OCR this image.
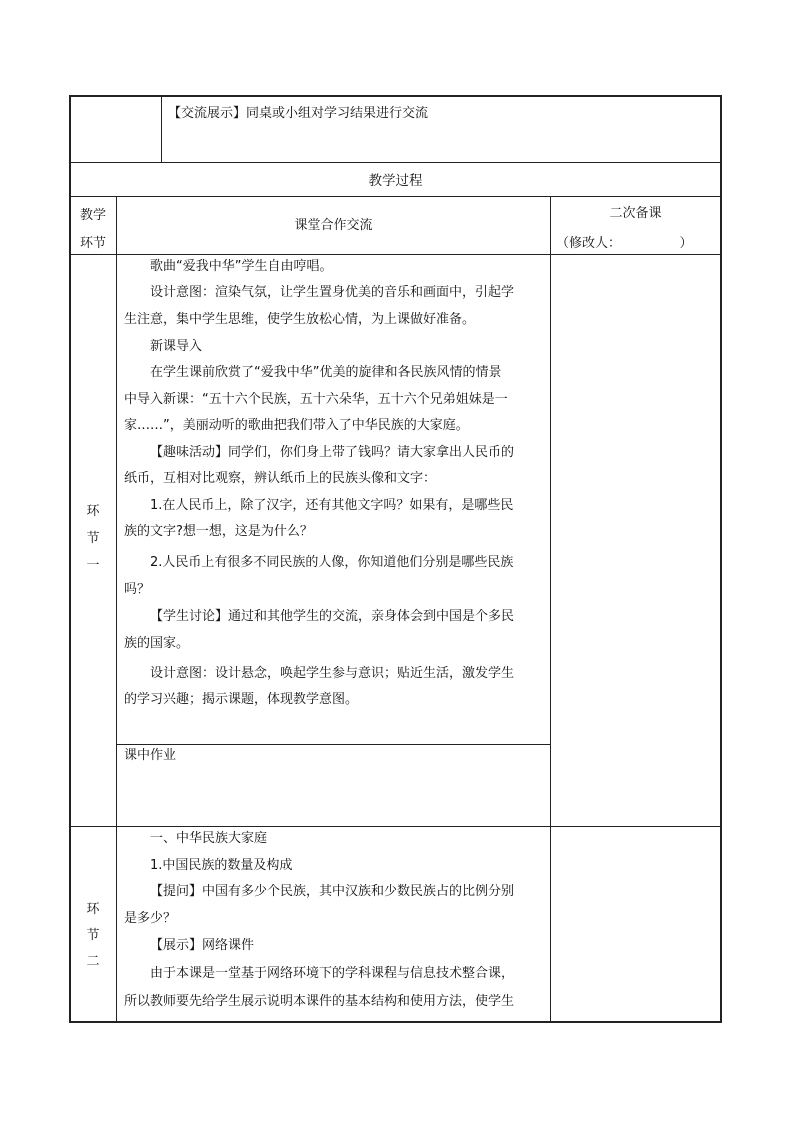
【交流展示】同桌或小组对学习结果进行交流
教学过程
教学
环节
课堂合作交流
二次备课
（修改人：　　　　　）
环
节
一
歌曲“爱我中华”学生自由哼唱。
设计意图：渲染气氛，让学生置身优美的音乐和画面中，引起学
生注意，集中学生思维，使学生放松心情，为上课做好准备。
新课导入
在学生课前欣赏了“爱我中华”优美的旋律和各民族风情的情景
中导入新课：“五十六个民族，五十六朵华，五十六个兄弟姐妹是一
家……”，美丽动听的歌曲把我们带入了中华民族的大家庭。
【趣味活动】同学们，你们身上带了钱吗？请大家拿出人民币的
纸币，互相对比观察，辨认纸币上的民族头像和文字：
1.在人民币上，除了汉字，还有其他文字吗？如果有，是哪些民
族的文字?想一想，这是为什么？
2.人民币上有很多不同民族的人像，你知道他们分别是哪些民族
吗？
【学生讨论】通过和其他学生的交流，亲身体会到中国是个多民
族的国家。
设计意图：设计悬念，唤起学生参与意识；贴近生活，激发学生
的学习兴趣；揭示课题，体现教学意图。
课中作业
环
节
二
一、中华民族大家庭
1.中国民族的数量及构成
【提问】中国有多少个民族，其中汉族和少数民族占的比例分别
是多少？
【展示】网络课件
由于本课是一堂基于网络环境下的学科课程与信息技术整合课，
所以教师要先给学生展示说明本课件的基本结构和使用方法，使学生
